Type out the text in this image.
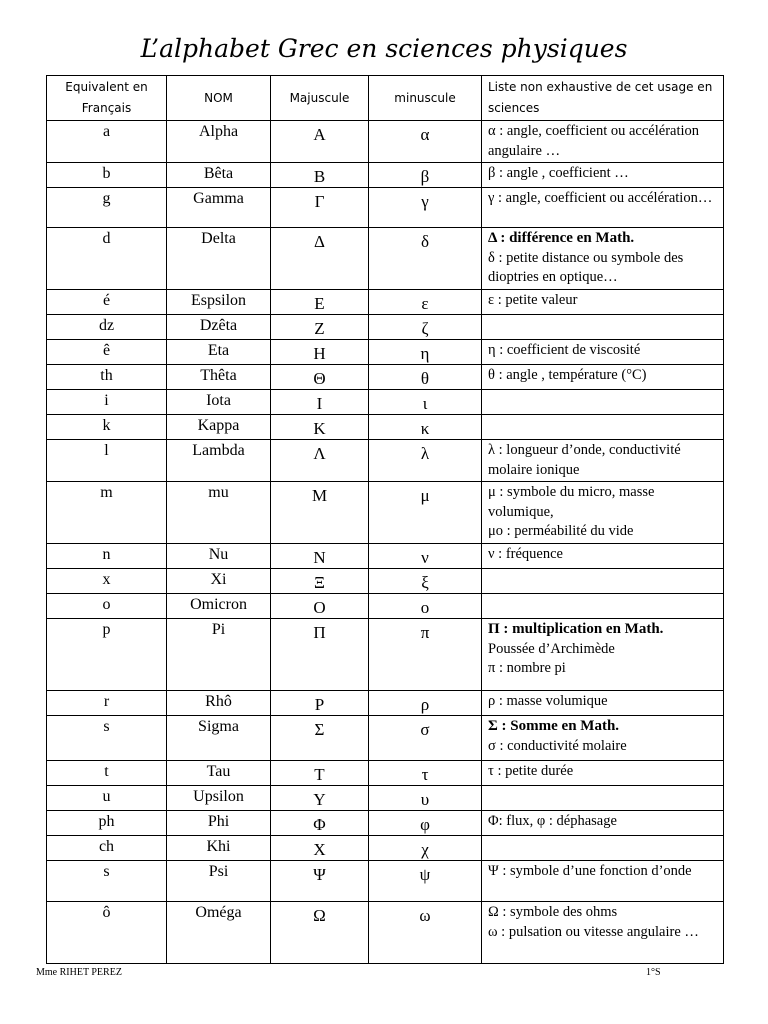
L’alphabet Grec en sciences physiques
Equivalent en Français	NOM	Majuscule	minuscule	Liste non exhaustive de cet usage en sciences
a	Alpha	Α	α	α : angle, coefficient ou accélération angulaire …

b	Bêta	Β	β	β : angle , coefficient …

g	Gamma	Γ	γ	γ : angle, coefficient ou accélération…

d	Delta	Δ	δ	Δ : différence en Math.
δ : petite distance ou symbole des dioptries en optique…

é	Espsilon	Ε	ε	ε : petite valeur

dz	Dzêta	Ζ	ζ	
ê	Eta	Η	η	η : coefficient de viscosité

th	Thêta	Θ	θ	θ : angle , température (°C)

i	Iota	Ι	ι	
k	Kappa	Κ	κ	
l	Lambda	Λ	λ	λ : longueur d’onde, conductivité molaire ionique

m	mu	Μ	μ	μ : symbole du micro, masse volumique,
μo : perméabilité du vide

n	Nu	Ν	ν	ν : fréquence

x	Xi	Ξ	ξ	
o	Omicron	Ο	ο	
p	Pi	Π	π	Π : multiplication en Math.
Poussée d’Archimède
π : nombre pi

r	Rhô	Ρ	ρ	ρ : masse volumique

s	Sigma	Σ	σ	Σ : Somme en Math.
σ : conductivité molaire

t	Tau	Τ	τ	τ : petite durée

u	Upsilon	Υ	υ	
ph	Phi	Φ	φ	Φ: flux, φ : déphasage

ch	Khi	Χ	χ	
s	Psi	Ψ	ψ	Ψ : symbole d’une fonction d’onde

ô	Oméga	Ω	ω	Ω : symbole des ohms
ω : pulsation ou vitesse angulaire …
Mme RIHET PEREZ	1°S
